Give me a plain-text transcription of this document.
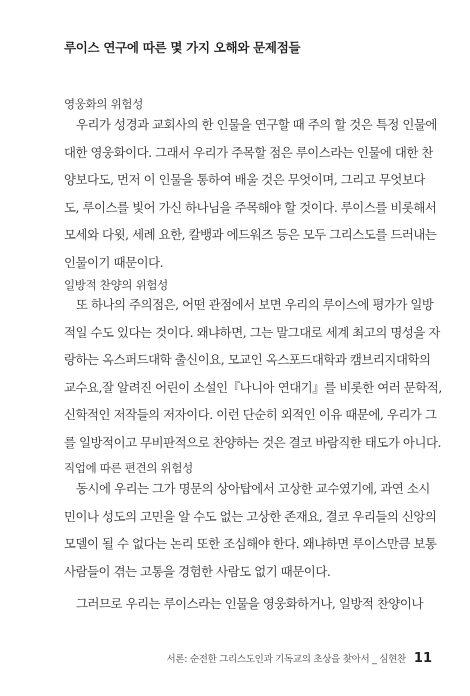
루이스 연구에 따른 몇 가지 오해와 문제점들
영웅화의 위험성

우리가 성경과 교회사의 한 인물을 연구할 때 주의 할 것은 특정 인물에
대한 영웅화이다. 그래서 우리가 주목할 점은 루이스라는 인물에 대한 찬
양보다도, 먼저 이 인물을 통하여 배울 것은 무엇이며, 그리고 무엇보다
도, 루이스를 빛어 가신 하나님을 주목해야 할 것이다. 루이스를 비롯해서
모세와 다윗, 세례 요한, 칼뱅과 에드워즈 등은 모두 그리스도를 드러내는
인물이기 때문이다.

일방적 찬양의 위험성

또 하나의 주의점은, 어떤 관점에서 보면 우리의 루이스에 평가가 일방
적일 수도 있다는 것이다. 왜냐하면, 그는 말그대로 세계 최고의 명성을 자
랑하는 옥스퍼드대학 출신이요, 모교인 옥스포드대학과 캠브리지대학의
교수요,잘 알려진 어린이 소설인『나니아 연대기』를 비롯한 여러 문학적,
신학적인 저작들의 저자이다. 이런 단순히 외적인 이유 때문에, 우리가 그
를 일방적이고 무비판적으로 찬양하는 것은 결코 바람직한 태도가 아니다.

직업에 따른 편견의 위험성

동시에 우리는 그가 명문의 상아탑에서 고상한 교수였기에, 과연 소시
민이나 성도의 고민을 알 수도 없는 고상한 존재요, 결코 우리들의 신앙의
모델이 될 수 없다는 논리 또한 조심해야 한다. 왜냐하면 루이스만큼 보통
사람들이 겪는 고통을 경험한 사람도 없기 때문이다.

그러므로 우리는 루이스라는 인물을 영웅화하거나, 일방적 찬양이나

서론: 순전한 그리스도인과 기독교의 초상을 찾아서 _ 심현찬 11
